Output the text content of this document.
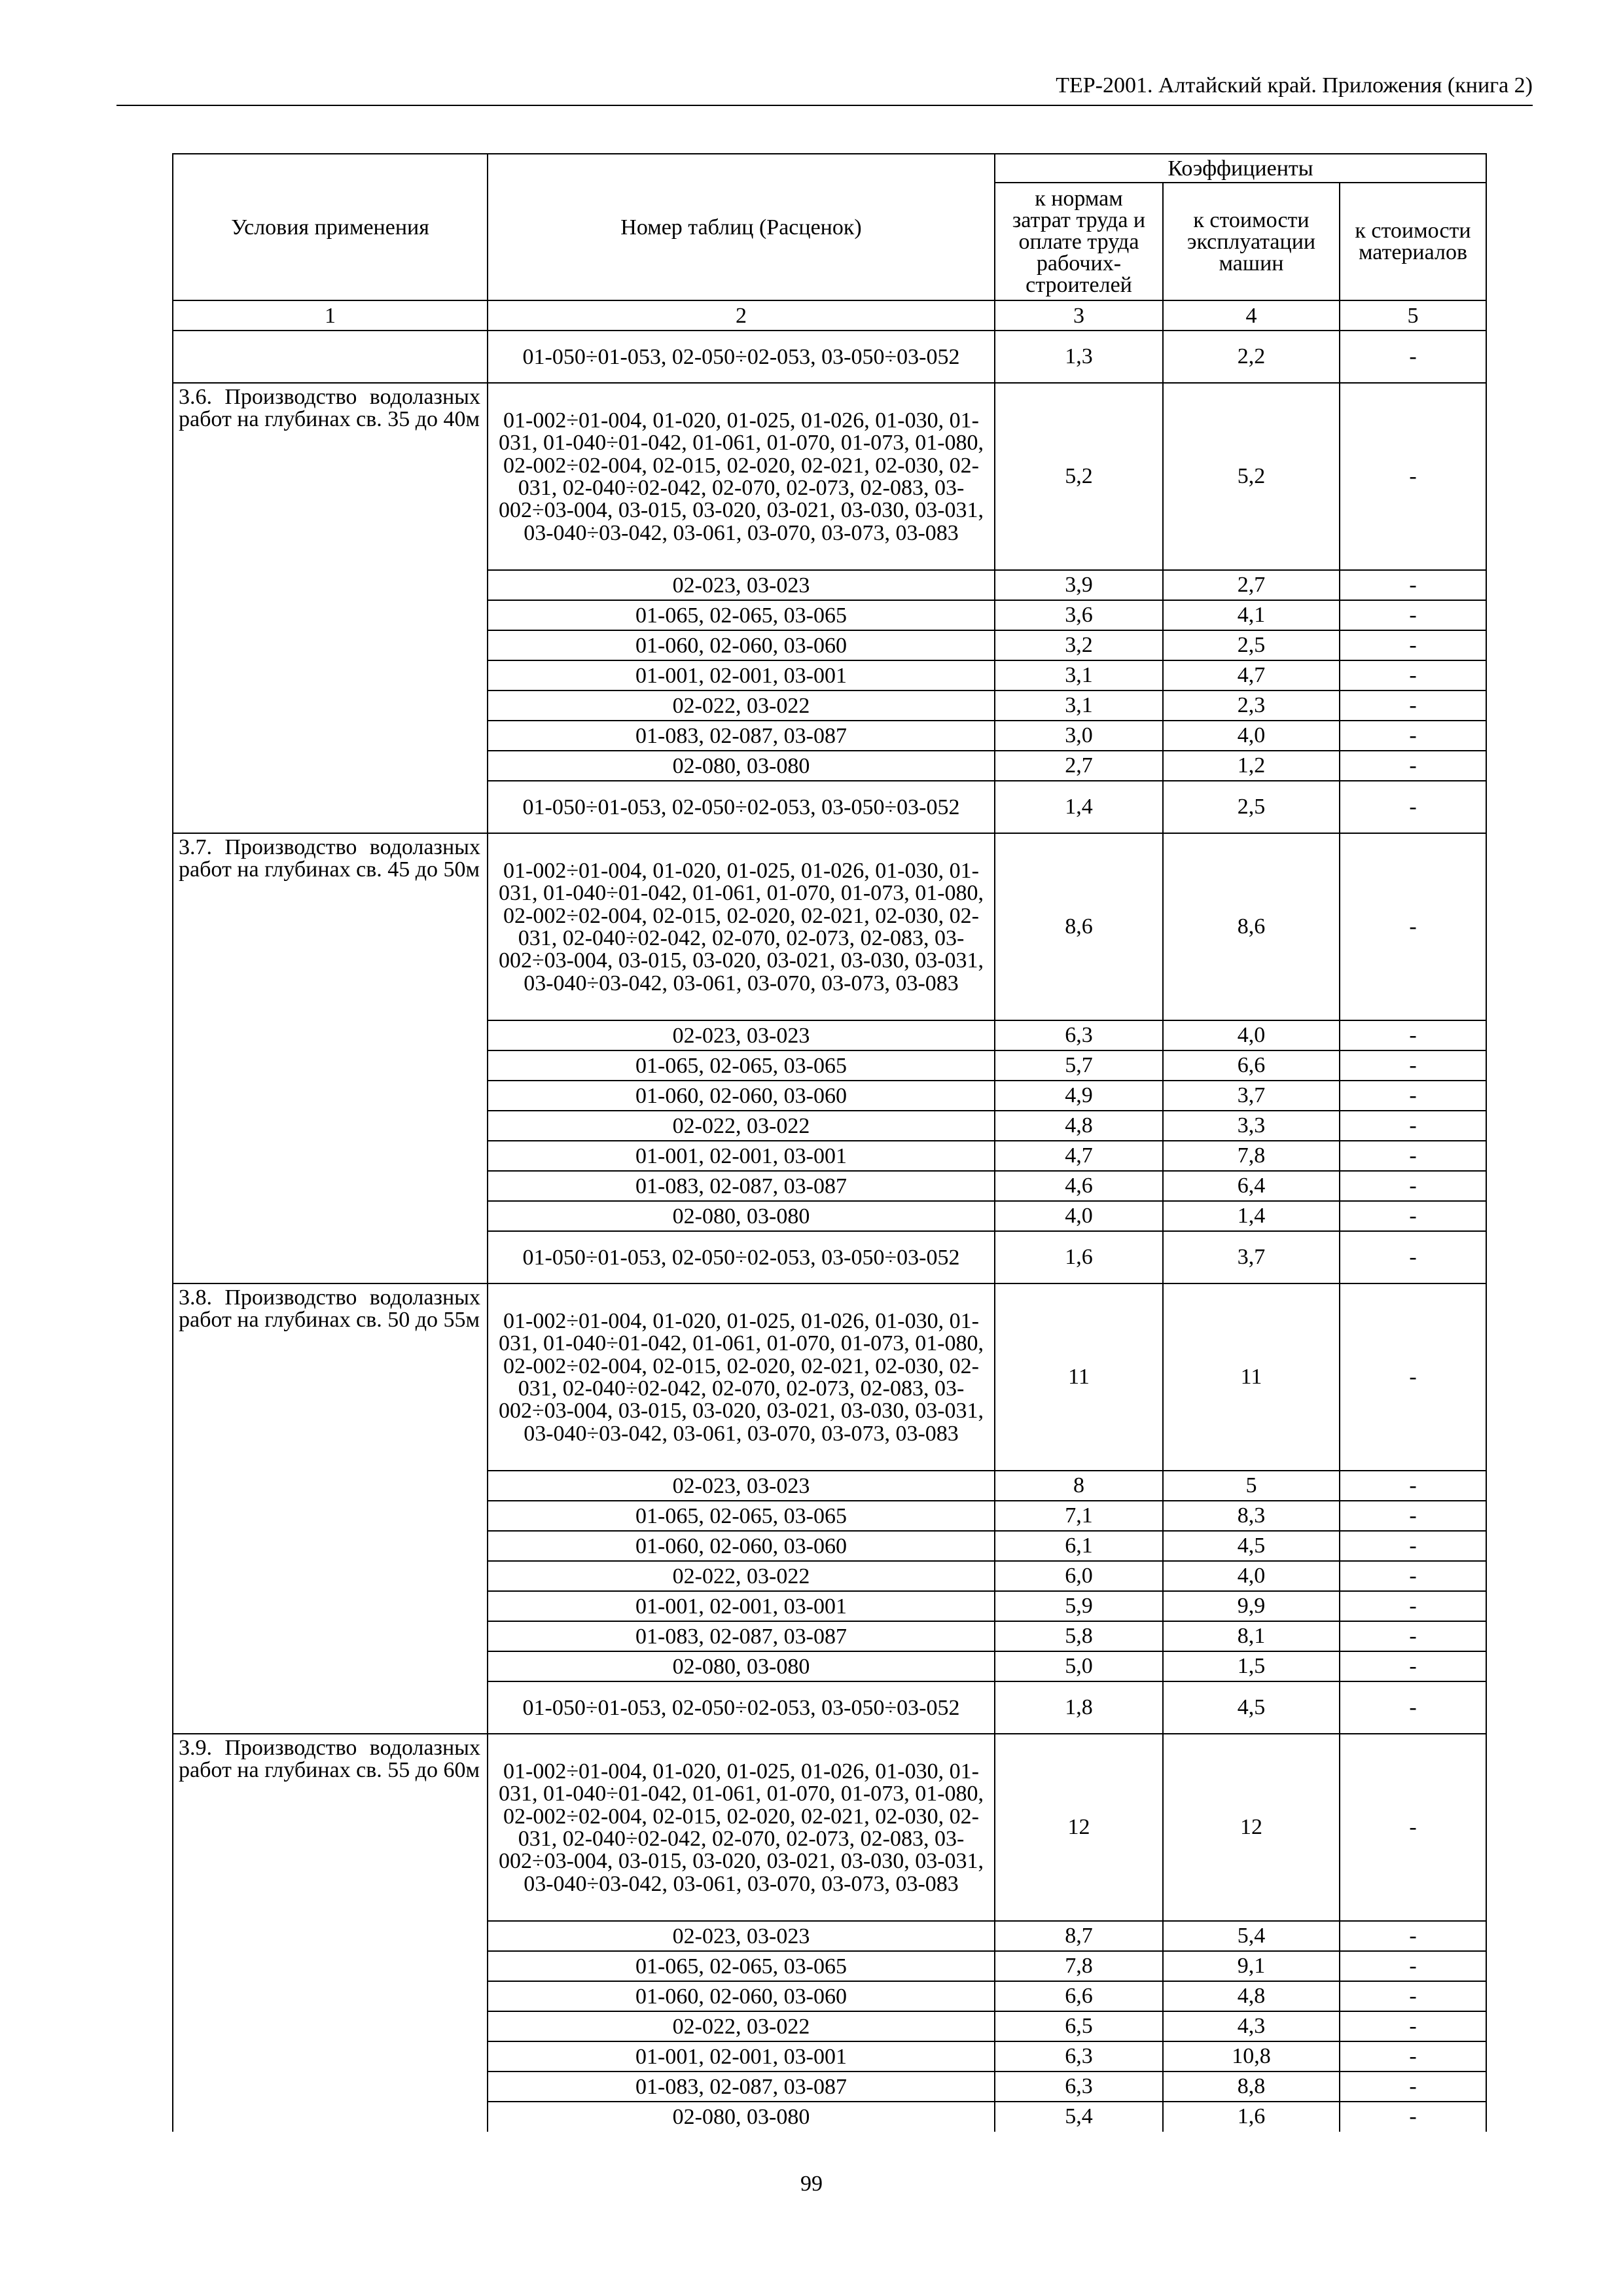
ТЕР-2001. Алтайский край. Приложения (книга 2)
Условия применения	Номер таблиц (Расценок)	Коэффициенты		
		к нормам затрат труда и оплате труда рабочих-строителей	к стоимости эксплуатации машин	к стоимости материалов
1	2	3	4	5
	01-050÷01-053, 02-050÷02-053, 03-050÷03-052	1,3	2,2	-
3.6. Производство водолазных работ на глубинах св. 35 до 40м	01-002÷01-004, 01-020, 01-025, 01-026, 01-030, 01-031, 01-040÷01-042, 01-061, 01-070, 01-073, 01-080, 02-002÷02-004, 02-015, 02-020, 02-021, 02-030, 02-031, 02-040÷02-042, 02-070, 02-073, 02-083, 03-002÷03-004, 03-015, 03-020, 03-021, 03-030, 03-031, 03-040÷03-042, 03-061, 03-070, 03-073, 03-083	5,2	5,2	-
	02-023, 03-023	3,9	2,7	-
	01-065, 02-065, 03-065	3,6	4,1	-
	01-060, 02-060, 03-060	3,2	2,5	-
	01-001, 02-001, 03-001	3,1	4,7	-
	02-022, 03-022	3,1	2,3	-
	01-083, 02-087, 03-087	3,0	4,0	-
	02-080, 03-080	2,7	1,2	-
	01-050÷01-053, 02-050÷02-053, 03-050÷03-052	1,4	2,5	-
3.7. Производство водолазных работ на глубинах св. 45 до 50м	01-002÷01-004, 01-020, 01-025, 01-026, 01-030, 01-031, 01-040÷01-042, 01-061, 01-070, 01-073, 01-080, 02-002÷02-004, 02-015, 02-020, 02-021, 02-030, 02-031, 02-040÷02-042, 02-070, 02-073, 02-083, 03-002÷03-004, 03-015, 03-020, 03-021, 03-030, 03-031, 03-040÷03-042, 03-061, 03-070, 03-073, 03-083	8,6	8,6	-
	02-023, 03-023	6,3	4,0	-
	01-065, 02-065, 03-065	5,7	6,6	-
	01-060, 02-060, 03-060	4,9	3,7	-
	02-022, 03-022	4,8	3,3	-
	01-001, 02-001, 03-001	4,7	7,8	-
	01-083, 02-087, 03-087	4,6	6,4	-
	02-080, 03-080	4,0	1,4	-
	01-050÷01-053, 02-050÷02-053, 03-050÷03-052	1,6	3,7	-
3.8. Производство водолазных работ на глубинах св. 50 до 55м	01-002÷01-004, 01-020, 01-025, 01-026, 01-030, 01-031, 01-040÷01-042, 01-061, 01-070, 01-073, 01-080, 02-002÷02-004, 02-015, 02-020, 02-021, 02-030, 02-031, 02-040÷02-042, 02-070, 02-073, 02-083, 03-002÷03-004, 03-015, 03-020, 03-021, 03-030, 03-031, 03-040÷03-042, 03-061, 03-070, 03-073, 03-083	11	11	-
	02-023, 03-023	8	5	-
	01-065, 02-065, 03-065	7,1	8,3	-
	01-060, 02-060, 03-060	6,1	4,5	-
	02-022, 03-022	6,0	4,0	-
	01-001, 02-001, 03-001	5,9	9,9	-
	01-083, 02-087, 03-087	5,8	8,1	-
	02-080, 03-080	5,0	1,5	-
	01-050÷01-053, 02-050÷02-053, 03-050÷03-052	1,8	4,5	-
3.9. Производство водолазных работ на глубинах св. 55 до 60м	01-002÷01-004, 01-020, 01-025, 01-026, 01-030, 01-031, 01-040÷01-042, 01-061, 01-070, 01-073, 01-080, 02-002÷02-004, 02-015, 02-020, 02-021, 02-030, 02-031, 02-040÷02-042, 02-070, 02-073, 02-083, 03-002÷03-004, 03-015, 03-020, 03-021, 03-030, 03-031, 03-040÷03-042, 03-061, 03-070, 03-073, 03-083	12	12	-
	02-023, 03-023	8,7	5,4	-
	01-065, 02-065, 03-065	7,8	9,1	-
	01-060, 02-060, 03-060	6,6	4,8	-
	02-022, 03-022	6,5	4,3	-
	01-001, 02-001, 03-001	6,3	10,8	-
	01-083, 02-087, 03-087	6,3	8,8	-
	02-080, 03-080	5,4	1,6	-
99
